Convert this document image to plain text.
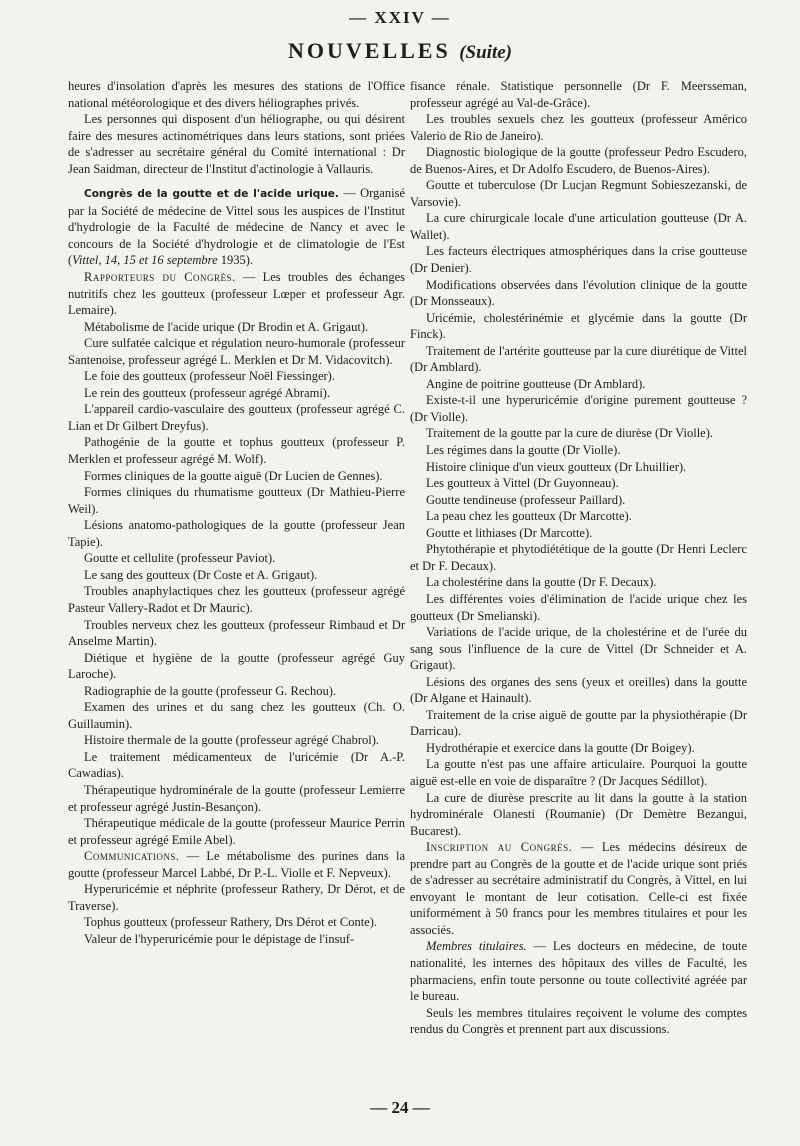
— XXIV —
NOUVELLES (Suite)

heures d'insolation d'après les mesures des stations de l'Office national météorologique et des divers héliographes privés.

Les personnes qui disposent d'un héliographe, ou qui désirent faire des mesures actinométriques dans leurs stations, sont priées de s'adresser au secrétaire général du Comité international : Dr Jean Saidman, directeur de l'Institut d'actinologie à Vallauris.

Congrès de la goutte et de l'acide urique. — Organisé par la Société de médecine de Vittel sous les auspices de l'Institut d'hydrologie de la Faculté de médecine de Nancy et avec le concours de la Société d'hydrologie et de climatologie de l'Est (Vittel, 14, 15 et 16 septembre 1935).

Rapporteurs du Congrès. — Les troubles des échanges nutritifs chez les goutteux (professeur Lœper et professeur Agr. Lemaire).

Métabolisme de l'acide urique (Dr Brodin et A. Grigaut).

Cure sulfatée calcique et régulation neuro-humorale (professeur Santenoise, professeur agrégé L. Merklen et Dr M. Vidacovitch).

Le foie des goutteux (professeur Noël Fiessinger).

Le rein des goutteux (professeur agrégé Abrami).

L'appareil cardio-vasculaire des goutteux (professeur agrégé C. Lian et Dr Gilbert Dreyfus).

Pathogénie de la goutte et tophus goutteux (professeur P. Merklen et professeur agrégé M. Wolf).

Formes cliniques de la goutte aiguë (Dr Lucien de Gennes).

Formes cliniques du rhumatisme goutteux (Dr Mathieu-Pierre Weil).

Lésions anatomo-pathologiques de la goutte (professeur Jean Tapie).

Goutte et cellulite (professeur Paviot).

Le sang des goutteux (Dr Coste et A. Grigaut).

Troubles anaphylactiques chez les goutteux (professeur agrégé Pasteur Vallery-Radot et Dr Mauric).

Troubles nerveux chez les goutteux (professeur Rimbaud et Dr Anselme Martin).

Diétique et hygiène de la goutte (professeur agrégé Guy Laroche).

Radiographie de la goutte (professeur G. Rechou).

Examen des urines et du sang chez les goutteux (Ch. O. Guillaumin).

Histoire thermale de la goutte (professeur agrégé Chabrol).

Le traitement médicamenteux de l'uricémie (Dr A.-P. Cawadias).

Thérapeutique hydrominérale de la goutte (professeur Lemierre et professeur agrégé Justin-Besançon).

Thérapeutique médicale de la goutte (professeur Maurice Perrin et professeur agrégé Emile Abel).

Communications. — Le métabolisme des purines dans la goutte (professeur Marcel Labbé, Dr P.-L. Violle et F. Nepveux).

Hyperuricémie et néphrite (professeur Rathery, Dr Dérot, et de Traverse).

Tophus goutteux (professeur Rathery, Drs Dérot et Conte).

Valeur de l'hyperuricémie pour le dépistage de l'insuf-

fisance rénale. Statistique personnelle (Dr F. Meersseman, professeur agrégé au Val-de-Grâce).

Les troubles sexuels chez les goutteux (professeur Américo Valerio de Rio de Janeiro).

Diagnostic biologique de la goutte (professeur Pedro Escudero, de Buenos-Aires, et Dr Adolfo Escudero, de Buenos-Aires).

Goutte et tuberculose (Dr Lucjan Regmunt Sobieszezanski, de Varsovie).

La cure chirurgicale locale d'une articulation goutteuse (Dr A. Wallet).

Les facteurs électriques atmosphériques dans la crise goutteuse (Dr Denier).

Modifications observées dans l'évolution clinique de la goutte (Dr Monsseaux).

Uricémie, cholestérinémie et glycémie dans la goutte (Dr Finck).

Traitement de l'artérite goutteuse par la cure diurétique de Vittel (Dr Amblard).

Angine de poitrine goutteuse (Dr Amblard).

Existe-t-il une hyperuricémie d'origine purement goutteuse ? (Dr Violle).

Traitement de la goutte par la cure de diurèse (Dr Violle).

Les régimes dans la goutte (Dr Violle).

Histoire clinique d'un vieux goutteux (Dr Lhuillier).

Les goutteux à Vittel (Dr Guyonneau).

Goutte tendineuse (professeur Paillard).

La peau chez les goutteux (Dr Marcotte).

Goutte et lithiases (Dr Marcotte).

Phytothérapie et phytodiététique de la goutte (Dr Henri Leclerc et Dr F. Decaux).

La cholestérine dans la goutte (Dr F. Decaux).

Les différentes voies d'élimination de l'acide urique chez les goutteux (Dr Smelianski).

Variations de l'acide urique, de la cholestérine et de l'urée du sang sous l'influence de la cure de Vittel (Dr Schneider et A. Grigaut).

Lésions des organes des sens (yeux et oreilles) dans la goutte (Dr Algane et Hainault).

Traitement de la crise aiguë de goutte par la physiothérapie (Dr Darricau).

Hydrothérapie et exercice dans la goutte (Dr Boigey).

La goutte n'est pas une affaire articulaire. Pourquoi la goutte aiguë est-elle en voie de disparaître ? (Dr Jacques Sédillot).

La cure de diurèse prescrite au lit dans la goutte à la station hydrominérale Olanesti (Roumanie) (Dr Demètre Bezangui, Bucarest).

Inscription au Congrès. — Les médecins désireux de prendre part au Congrès de la goutte et de l'acide urique sont priés de s'adresser au secrétaire administratif du Congrès, à Vittel, en lui envoyant le montant de leur cotisation. Celle-ci est fixée uniformément à 50 francs pour les membres titulaires et pour les associés.

Membres titulaires. — Les docteurs en médecine, de toute nationalité, les internes des hôpitaux des villes de Faculté, les pharmaciens, enfin toute personne ou toute collectivité agréée par le bureau.

Seuls les membres titulaires reçoivent le volume des comptes rendus du Congrès et prennent part aux discussions.

— 24 —
